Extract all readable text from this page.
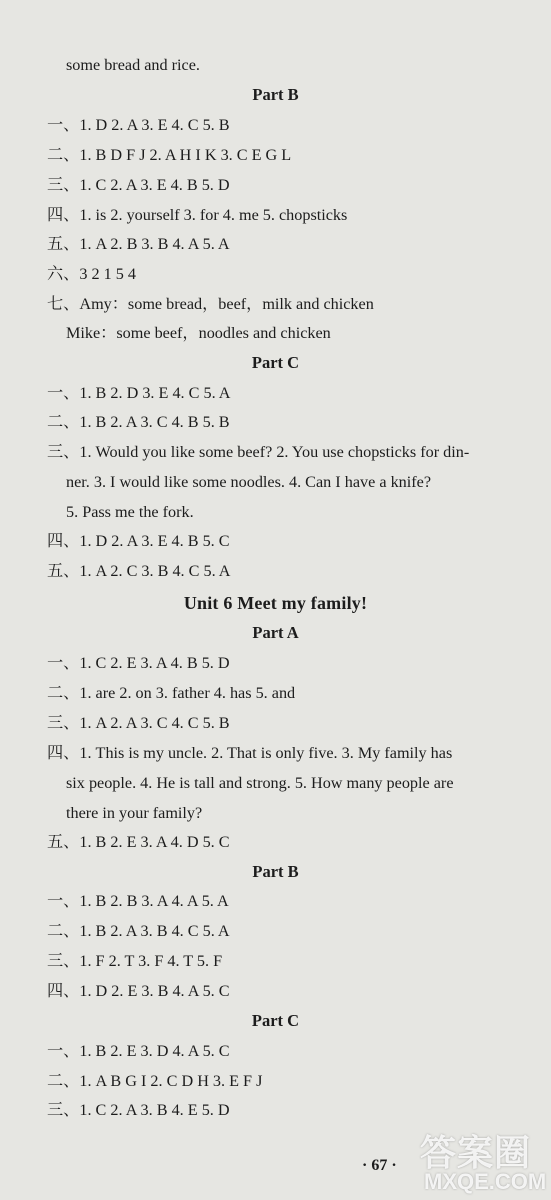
some bread and rice.
Part B
一、1. D 2. A 3. E 4. C 5. B
二、1. B D F J 2. A H I K 3. C E G L
三、1. C 2. A 3. E 4. B 5. D
四、1. is 2. yourself 3. for 4. me 5. chopsticks
五、1. A 2. B 3. B 4. A 5. A
六、3 2 1 5 4
七、Amy：some bread，beef，milk and chicken
Mike：some beef，noodles and chicken
Part C
一、1. B 2. D 3. E 4. C 5. A
二、1. B 2. A 3. C 4. B 5. B
三、1. Would you like some beef? 2. You use chopsticks for din-
ner. 3. I would like some noodles. 4. Can I have a knife?
5. Pass me the fork.
四、1. D 2. A 3. E 4. B 5. C
五、1. A 2. C 3. B 4. C 5. A
Unit 6 Meet my family!
Part A
一、1. C 2. E 3. A 4. B 5. D
二、1. are 2. on 3. father 4. has 5. and
三、1. A 2. A 3. C 4. C 5. B
四、1. This is my uncle. 2. That is only five. 3. My family has
six people. 4. He is tall and strong. 5. How many people are
there in your family?
五、1. B 2. E 3. A 4. D 5. C
Part B
一、1. B 2. B 3. A 4. A 5. A
二、1. B 2. A 3. B 4. C 5. A
三、1. F 2. T 3. F 4. T 5. F
四、1. D 2. E 3. B 4. A 5. C
Part C
一、1. B 2. E 3. D 4. A 5. C
二、1. A B G I 2. C D H 3. E F J
三、1. C 2. A 3. B 4. E 5. D
· 67 · 答案圈
MXQE.COM
